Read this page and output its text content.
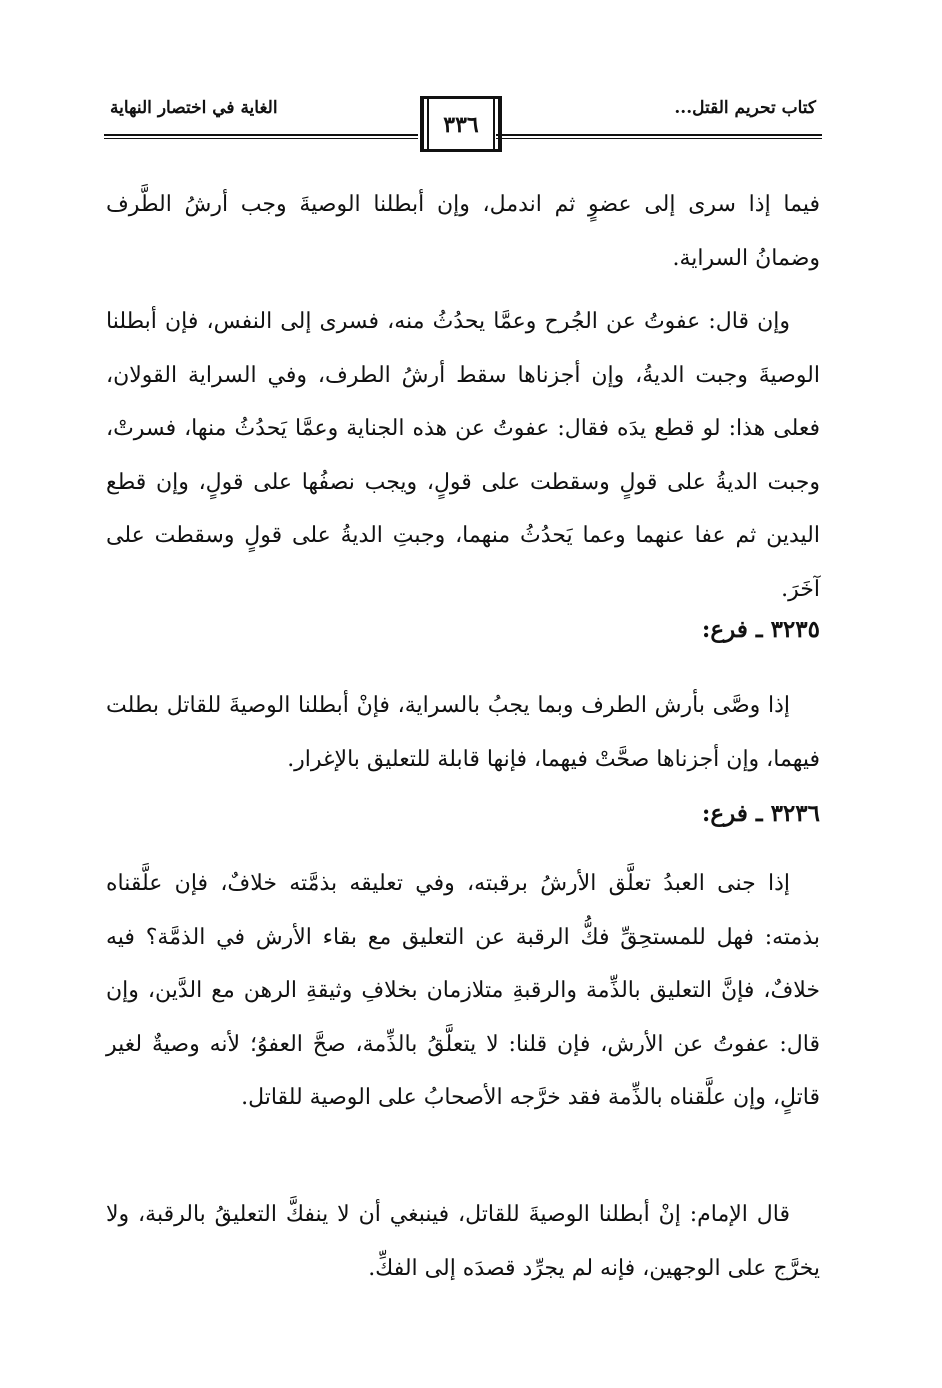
كتاب تحريم القتل...
الغاية في اختصار النهاية
٣٣٦

فيما إذا سرى إلى عضوٍ ثم اندمل، وإن أبطلنا الوصيةَ وجب أرشُ الطَّرف وضمانُ السراية.

وإن قال: عفوتُ عن الجُرح وعمَّا يحدُثُ منه، فسرى إلى النفس، فإن أبطلنا الوصيةَ وجبت الديةُ، وإن أجزناها سقط أرشُ الطرف، وفي السراية القولان، فعلى هذا: لو قطع يدَه فقال: عفوتُ عن هذه الجناية وعمَّا يَحدُثُ منها، فسرتْ، وجبت الديةُ على قولٍ وسقطت على قولٍ، ويجب نصفُها على قولٍ، وإن قطع اليدين ثم عفا عنهما وعما يَحدُثُ منهما، وجبتِ الديةُ على قولٍ وسقطت على آخَرَ.

٣٢٣٥ ـ فرع:

إذا وصَّى بأرش الطرف وبما يجبُ بالسراية، فإنْ أبطلنا الوصيةَ للقاتل بطلت فيهما، وإن أجزناها صحَّتْ فيهما، فإنها قابلة للتعليق بالإغرار.

٣٢٣٦ ـ فرع:

إذا جنى العبدُ تعلَّق الأرشُ برقبته، وفي تعليقه بذمَّته خلافٌ، فإن علَّقناه بذمته: فهل للمستحِقِّ فكُّ الرقبة عن التعليق مع بقاء الأرش في الذمَّة؟ فيه خلافٌ، فإنَّ التعليق بالذِّمة والرقبةِ متلازمان بخلافِ وثيقةِ الرهن مع الدَّين، وإن قال: عفوتُ عن الأرش، فإن قلنا: لا يتعلَّقُ بالذِّمة، صحَّ العفوُ؛ لأنه وصيةٌ لغير قاتلٍ، وإن علَّقناه بالذِّمة فقد خرَّجه الأصحابُ على الوصية للقاتل.

قال الإمام: إنْ أبطلنا الوصيةَ للقاتل، فينبغي أن لا ينفكَّ التعليقُ بالرقبة، ولا يخرَّج على الوجهين، فإنه لم يجرِّد قصدَه إلى الفكِّ.
